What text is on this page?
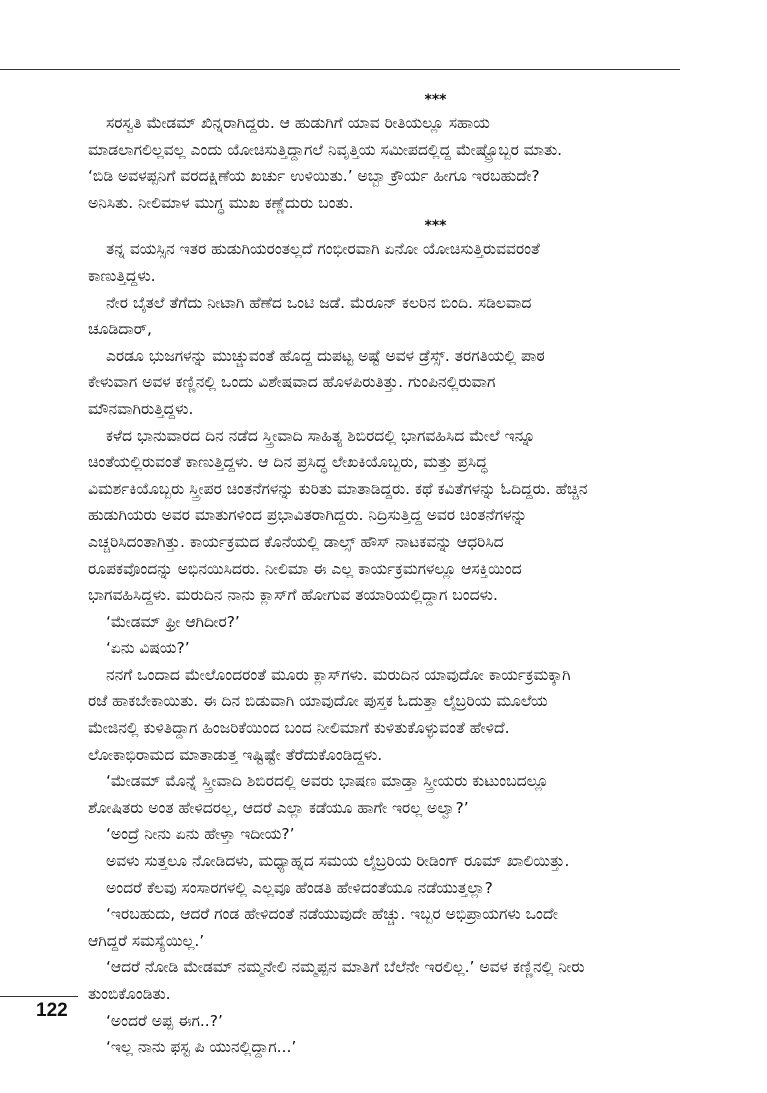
***

ಸರಸ್ವತಿ ಮೇಡಮ್ ಖಿನ್ನರಾಗಿದ್ದರು. ಆ ಹುಡುಗಿಗೆ ಯಾವ ರೀತಿಯಲ್ಲೂ ಸಹಾಯ
ಮಾಡಲಾಗಲಿಲ್ಲವಲ್ಲ ಎಂದು ಯೋಚಿಸುತ್ತಿದ್ದಾಗಲೆ ನಿವೃತ್ತಿಯ ಸಮೀಪದಲ್ಲಿದ್ದ ಮೇಷ್ಟ್ರೊಬ್ಬರ ಮಾತು.
‘ಬಿಡಿ ಅವಳಪ್ಪನಿಗೆ ವರದಕ್ಷಿಣೆಯ ಖರ್ಚು ಉಳಿಯಿತು.’ ಅಬ್ಬಾ ಕ್ರೌರ್ಯ ಹೀಗೂ ಇರಬಹುದೇ?
ಅನಿಸಿತು. ನೀಲಿಮಾಳ ಮುಗ್ಧ ಮುಖ ಕಣ್ಣೆದುರು ಬಂತು.

***

ತನ್ನ ವಯಸ್ಸಿನ ಇತರ ಹುಡುಗಿಯರಂತಲ್ಲದೆ ಗಂಭೀರವಾಗಿ ಏನೋ ಯೋಚಿಸುತ್ತಿರುವವರಂತೆ
ಕಾಣುತ್ತಿದ್ದಳು.

ನೇರ ಬೈತಲೆ ತೆಗೆದು ನೀಟಾಗಿ ಹೆಣೆದ ಒಂಟಿ ಜಡೆ. ಮೆರೂನ್ ಕಲರಿನ ಬಿಂದಿ. ಸಡಿಲವಾದ
ಚೂಡಿದಾರ್,

ಎರಡೂ ಭುಜಗಳನ್ನು ಮುಚ್ಚುವಂತೆ ಹೊದ್ದ ದುಪಟ್ಟ ಅಷ್ಟೆ ಅವಳ ಡ್ರೆಸ್ಸ್. ತರಗತಿಯಲ್ಲಿ ಪಾಠ
ಕೇಳುವಾಗ ಅವಳ ಕಣ್ಣಿನಲ್ಲಿ ಒಂದು ವಿಶೇಷವಾದ ಹೊಳಪಿರುತಿತ್ತು. ಗುಂಪಿನಲ್ಲಿರುವಾಗ
ಮೌನವಾಗಿರುತ್ತಿದ್ದಳು.

ಕಳೆದ ಭಾನುವಾರದ ದಿನ ನಡೆದ ಸ್ತ್ರೀವಾದಿ ಸಾಹಿತ್ಯ ಶಿಬಿರದಲ್ಲಿ ಭಾಗವಹಿಸಿದ ಮೇಲೆ ಇನ್ನೂ
ಚಿಂತೆಯಲ್ಲಿರುವಂತೆ ಕಾಣುತ್ತಿದ್ದಳು. ಆ ದಿನ ಪ್ರಸಿದ್ಧ ಲೇಖಕಿಯೊಬ್ಬರು, ಮತ್ತು ಪ್ರಸಿದ್ಧ
ವಿಮರ್ಶಕಿಯೊಬ್ಬರು ಸ್ತ್ರೀಪರ ಚಿಂತನೆಗಳನ್ನು ಕುರಿತು ಮಾತಾಡಿದ್ದರು. ಕಥೆ ಕವಿತೆಗಳನ್ನು ಓದಿದ್ದರು. ಹೆಚ್ಚಿನ
ಹುಡುಗಿಯರು ಅವರ ಮಾತುಗಳಿಂದ ಪ್ರಭಾವಿತರಾಗಿದ್ದರು. ನಿದ್ರಿಸುತ್ತಿದ್ದ ಅವರ ಚಿಂತನೆಗಳನ್ನು
ಎಚ್ಚರಿಸಿದಂತಾಗಿತ್ತು. ಕಾರ್ಯಕ್ರಮದ ಕೊನೆಯಲ್ಲಿ ಡಾಲ್ಸ್ ಹೌಸ್ ನಾಟಕವನ್ನು ಆಧರಿಸಿದ
ರೂಪಕವೊಂದನ್ನು ಅಭಿನಯಿಸಿದರು. ನೀಲಿಮಾ ಈ ಎಲ್ಲ ಕಾರ್ಯಕ್ರಮಗಳಲ್ಲೂ ಆಸಕ್ತಿಯಿಂದ
ಭಾಗವಹಿಸಿದ್ದಳು. ಮರುದಿನ ನಾನು ಕ್ಲಾಸ್‌ಗೆ ಹೋಗುವ ತಯಾರಿಯಲ್ಲಿದ್ದಾಗ ಬಂದಳು.

‘ಮೇಡಮ್ ಫ್ರೀ ಆಗಿದೀರ?’

‘ಏನು ವಿಷಯ?’

ನನಗೆ ಒಂದಾದ ಮೇಲೊಂದರಂತೆ ಮೂರು ಕ್ಲಾಸ್‌ಗಳು. ಮರುದಿನ ಯಾವುದೋ ಕಾರ್ಯಕ್ರಮಕ್ಕಾಗಿ
ರಜೆ ಹಾಕಬೇಕಾಯಿತು. ಈ ದಿನ ಬಿಡುವಾಗಿ ಯಾವುದೋ ಪುಸ್ತಕ ಓದುತ್ತಾ ಲೈಬ್ರರಿಯ ಮೂಲೆಯ
ಮೇಜಿನಲ್ಲಿ ಕುಳಿತಿದ್ದಾಗ ಹಿಂಜರಿಕೆಯಿಂದ ಬಂದ ನೀಲಿಮಾಗೆ ಕುಳಿತುಕೊಳ್ಳುವಂತೆ ಹೇಳಿದೆ.
ಲೋಕಾಭಿರಾಮದ ಮಾತಾಡುತ್ತ ಇಷ್ಟಿಷ್ಟೇ ತೆರೆದುಕೊಂಡಿದ್ದಳು.

‘ಮೇಡಮ್ ಮೊನ್ನೆ ಸ್ತ್ರೀವಾದಿ ಶಿಬಿರದಲ್ಲಿ ಅವರು ಭಾಷಣ ಮಾಡ್ತಾ ಸ್ತ್ರೀಯರು ಕುಟುಂಬದಲ್ಲೂ
ಶೋಷಿತರು ಅಂತ ಹೇಳಿದರಲ್ಲ, ಆದರೆ ಎಲ್ಲಾ ಕಡೆಯೂ ಹಾಗೇ ಇರಲ್ಲ ಅಲ್ವಾ?’

‘ಅಂದ್ರೆ ನೀನು ಏನು ಹೇಳ್ತಾ ಇದೀಯ?’

ಅವಳು ಸುತ್ತಲೂ ನೋಡಿದಳು, ಮಧ್ಯಾಹ್ನದ ಸಮಯ ಲೈಬ್ರರಿಯ ರೀಡಿಂಗ್ ರೂಮ್ ಖಾಲಿಯಿತ್ತು.

ಅಂದರೆ ಕೆಲವು ಸಂಸಾರಗಳಲ್ಲಿ ಎಲ್ಲವೂ ಹೆಂಡತಿ ಹೇಳಿದಂತೆಯೂ ನಡೆಯುತ್ತಲ್ಲಾ?

‘ಇರಬಹುದು, ಆದರೆ ಗಂಡ ಹೇಳಿದಂತೆ ನಡೆಯುವುದೇ ಹೆಚ್ಚು. ಇಬ್ಬರ ಅಭಿಪ್ರಾಯಗಳು ಒಂದೇ
ಆಗಿದ್ದರೆ ಸಮಸ್ಯೆಯಿಲ್ಲ.’

‘ಆದರೆ ನೋಡಿ ಮೇಡಮ್ ನಮ್ಮನೇಲಿ ನಮ್ಮಪ್ಪನ ಮಾತಿಗೆ ಬೆಲೆನೇ ಇರಲಿಲ್ಲ.’ ಅವಳ ಕಣ್ಣಿನಲ್ಲಿ ನೀರು
ತುಂಬಿಕೊಂಡಿತು.

‘ಅಂದರೆ ಅಪ್ಪ ಈಗ..?’

‘ಇಲ್ಲ ನಾನು ಫಸ್ಟ ಪಿ ಯುನಲ್ಲಿದ್ದಾಗ...’

122
